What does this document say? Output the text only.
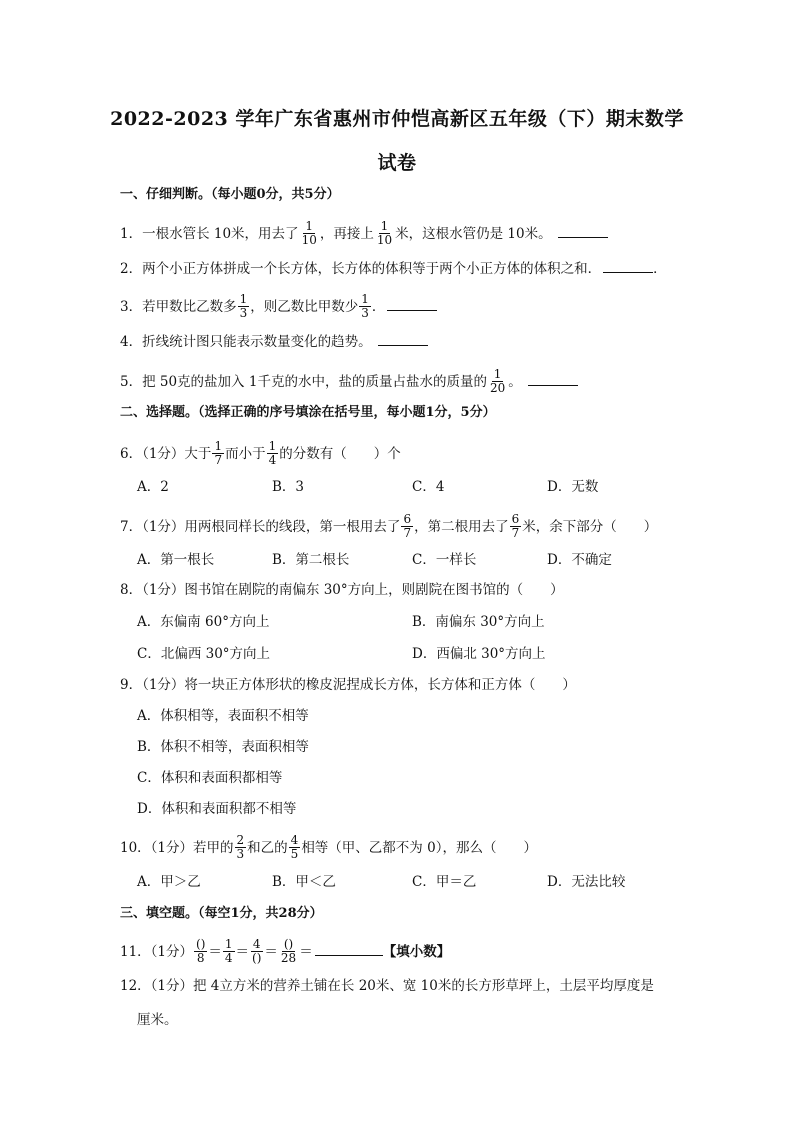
2022-2023 学年广东省惠州市仲恺高新区五年级（下）期末数学
试卷
一、仔细判断。（每小题0分，共5分）
1．一根水管长 10米，用去了 $\frac{1}{10}$ ，再接上 $\frac{1}{10}$ 米，这根水管仍是 10米。
2．两个小正方体拼成一个长方体，长方体的体积等于两个小正方体的体积之和．	．
3．若甲数比乙数多 $\frac{1}{3}$ ，则乙数比甲数少 $\frac{1}{3}$ ．
4．折线统计图只能表示数量变化的趋势。
5．把 50克的盐加入 1千克的水中，盐的质量占盐水的质量的 $\frac{1}{20}$ 。
二、选择题。（选择正确的序号填涂在括号里，每小题1分，5分）
6．（1分）大于 $\frac{1}{7}$ 而小于 $\frac{1}{4}$ 的分数有（　　）个
A．2	B．3	C．4	D．无数
7．（1分）用两根同样长的线段，第一根用去了 $\frac{6}{7}$ ，第二根用去了 $\frac{6}{7}$ 米，余下部分（　　）
A．第一根长	B．第二根长	C．一样长	D．不确定
8．（1分）图书馆在剧院的南偏东 30°方向上，则剧院在图书馆的（　　）
A．东偏南 60°方向上	B．南偏东 30°方向上
C．北偏西 30°方向上	D．西偏北 30°方向上
9．（1分）将一块正方体形状的橡皮泥捏成长方体，长方体和正方体（　　）
A．体积相等，表面积不相等
B．体积不相等，表面积相等
C．体积和表面积都相等
D．体积和表面积都不相等
10．（1分）若甲的 $\frac{2}{3}$ 和乙的 $\frac{4}{5}$ 相等（甲、乙都不为 0），那么（　　）
A．甲＞乙	B．甲＜乙	C．甲＝乙	D．无法比较
三、填空题。（每空1分，共28分）
11．（1分） $\frac{()}{8} = \frac{1}{4} = \frac{4}{()} = \frac{()}{28}$ ＝	【填小数】
12．（1分）把 4立方米的营养土铺在长 20米、宽 10米的长方形草坪上，土层平均厚度是
厘米。
